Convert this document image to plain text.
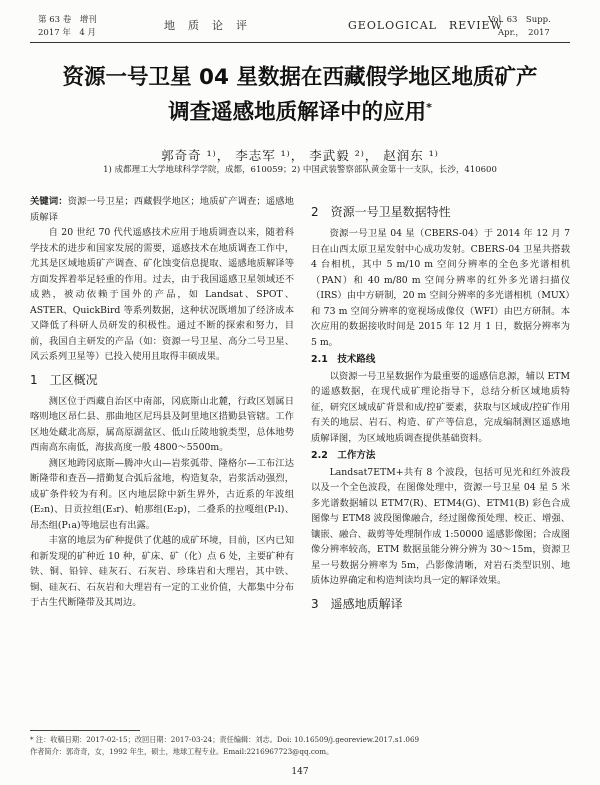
第 63 卷　增刊
2017 年　4 月
地　质　论　评	GEOLOGICAL　REVIEW
Vol. 63　Supp.
Apr.，　2017
资源一号卫星 04 星数据在西藏假学地区地质矿产
调查遥感地质解译中的应用*
郭奇奇 ¹⁾， 李志军 ¹⁾， 李武毅 ²⁾， 赵润东 ¹⁾
1) 成都理工大学地球科学学院，成都，610059；2) 中国武装警察部队黄金第十一支队，长沙，410600

关键词：资源一号卫星；西藏假学地区；地质矿产调查；遥感地质解译

自 20 世纪 70 代代遥感技术应用于地质调查以来，随着科学技术的进步和国家发展的需要，遥感技术在地质调查工作中，尤其是区域地质矿产调查、矿化蚀变信息提取、遥感地质解译等方面发挥着举足轻重的作用。过去，由于我国遥感卫星领域还不成熟，被动依赖于国外的产品，如 Landsat、SPOT、ASTER、QuickBird 等系列数据，这种状况既增加了经济成本又降低了科研人员研发的积极性。通过不断的探索和努力，目前，我国自主研发的产品（如：资源一号卫星、高分二号卫星、风云系列卫星等）已投入使用且取得丰硕成果。

1　工区概况

测区位于西藏自治区中南部，冈底斯山北麓，行政区划属日喀则地区昂仁县、那曲地区尼玛县及阿里地区措勤县管辖。工作区地处藏北高原，属高原湖盆区、低山丘陵地貌类型，总体地势西南高东南低，海拔高度一般 4800～5500m。

测区地跨冈底斯—腾冲火山—岩浆弧带、隆格尔—工布江达断隆带和查吾—措勤复合弧后盆地，构造复杂，岩浆活动强烈，成矿条件较为有利。区内地层除中新生界外，古近系的年波组(E₂n)、日贡拉组(E₃r)、帕那组(E₂p)，二叠系的拉嘎组(P₁l)、昂杰组(P₁a)等地层也有出露。

丰富的地层为矿种提供了优越的成矿环境，目前，区内已知和新发现的矿种近 10 种，矿床、矿（化）点 6 处，主要矿种有铁、铜、铅锌、硅灰石、石灰岩、珍珠岩和大理岩，其中铁、铜、硅灰石、石灰岩和大理岩有一定的工业价值，大都集中分布于古生代断隆带及其周边。

2　资源一号卫星数据特性

资源一号卫星 04 星（CBERS-04）于 2014 年 12 月 7 日在山西太原卫星发射中心成功发射。CBERS-04 卫星共搭载 4 台相机，其中 5 m/10 m 空间分辨率的全色多光谱相机（PAN）和 40 m/80 m 空间分辨率的红外多光谱扫描仪（IRS）由中方研制，20 m 空间分辨率的多光谱相机（MUX）和 73 m 空间分辨率的宽视场成像仪（WFI）由巴方研制。本次应用的数据接收时间是 2015 年 12 月 1 日，数据分辨率为 5 m。

2.1　技术路线

以资源一号卫星数据作为最重要的遥感信息源，辅以 ETM 的遥感数据，在现代成矿理论指导下，总结分析区域地质特征，研究区域成矿背景和成/控矿要素，获取与区域成/控矿作用有关的地层、岩石、构造、矿产等信息，完成编制测区遥感地质解译图，为区域地质调查提供基础资料。

2.2　工作方法

Landsat7ETM+共有 8 个波段，包括可见光和红外波段以及一个全色波段，在图像处理中，资源一号卫星 04 星 5 米多光谱数据辅以 ETM7(R)、ETM4(G)、ETM1(B) 彩色合成图像与 ETM8 波段图像融合，经过图像预处理、校正、增强、镶嵌、融合、裁剪等处理制作成 1:50000 遥感影像图；合成图像分辨率较高，ETM 数据虽能分辨分辨为 30～15m，资源卫星一号数据分辨率为 5m，凸影像清晰，对岩石类型识别、地质体边界确定和构造判读均具一定的解译效果。

3　遥感地质解译
* 注：收稿日期：2017-02-15；改回日期：2017-03-24；责任编辑：刘志。Doi: 10.16509/j.georeview.2017.s1.069
作者简介：郭奇奇，女，1992 年生，硕士，地球工程专业。Email:2216967723@qq.com。
147
